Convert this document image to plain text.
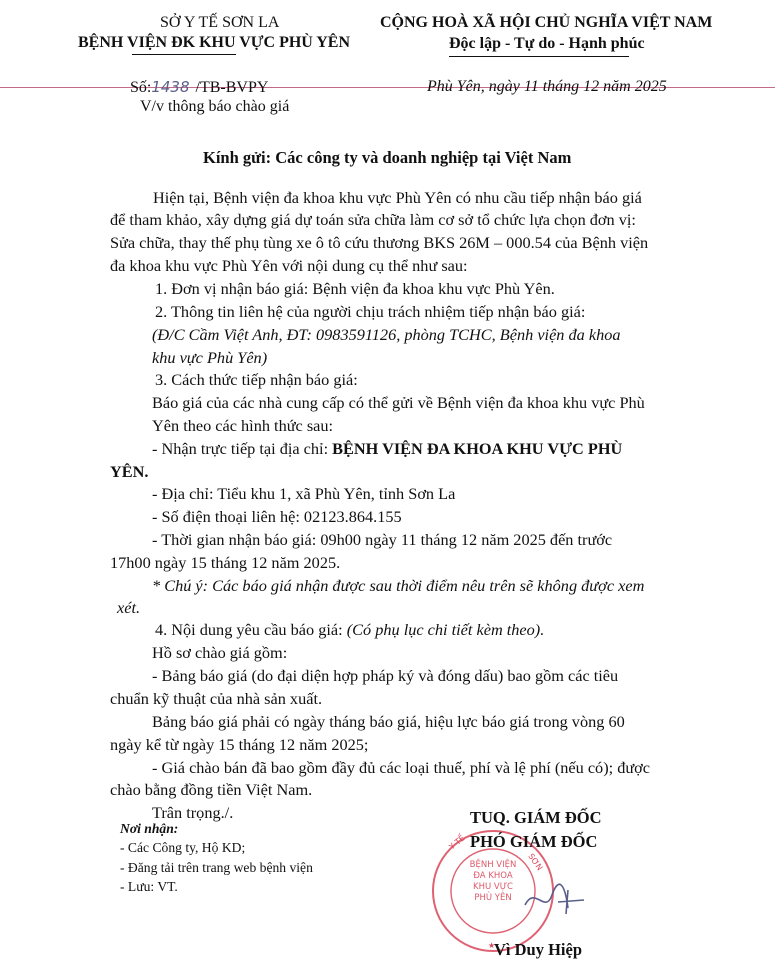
SỞ Y TẾ SƠN LA
BỆNH VIỆN ĐK KHU VỰC PHÙ YÊN
CỘNG HOÀ XÃ HỘI CHỦ NGHĨA VIỆT NAM
Độc lập - Tự do - Hạnh phúc
Số:1438 /TB-BVPY
V/v thông báo chào giá
Phù Yên, ngày 11 tháng 12 năm 2025
Kính gửi: Các công ty và doanh nghiệp tại Việt Nam
Hiện tại, Bệnh viện đa khoa khu vực Phù Yên có nhu cầu tiếp nhận báo giá
để tham khảo, xây dựng giá dự toán sửa chữa làm cơ sở tổ chức lựa chọn đơn vị:
Sửa chữa, thay thế phụ tùng xe ô tô cứu thương BKS 26M – 000.54 của Bệnh viện
đa khoa khu vực Phù Yên với nội dung cụ thể như sau:
1. Đơn vị nhận báo giá: Bệnh viện đa khoa khu vực Phù Yên.
2. Thông tin liên hệ của người chịu trách nhiệm tiếp nhận báo giá:
(Đ/C Cầm Việt Anh, ĐT: 0983591126, phòng TCHC, Bệnh viện đa khoa
khu vực Phù Yên)
3. Cách thức tiếp nhận báo giá:
Báo giá của các nhà cung cấp có thể gửi về Bệnh viện đa khoa khu vực Phù
Yên theo các hình thức sau:
- Nhận trực tiếp tại địa chỉ: BỆNH VIỆN ĐA KHOA KHU VỰC PHÙ
YÊN.
- Địa chỉ: Tiểu khu 1, xã Phù Yên, tỉnh Sơn La
- Số điện thoại liên hệ: 02123.864.155
- Thời gian nhận báo giá: 09h00 ngày 11 tháng 12 năm 2025 đến trước
17h00 ngày 15 tháng 12 năm 2025.
* Chú ý: Các báo giá nhận được sau thời điểm nêu trên sẽ không được xem
xét.
4. Nội dung yêu cầu báo giá: (Có phụ lục chi tiết kèm theo).
Hồ sơ chào giá gồm:
- Bảng báo giá (do đại diện hợp pháp ký và đóng dấu) bao gồm các tiêu
chuẩn kỹ thuật của nhà sản xuất.
Bảng báo giá phải có ngày tháng báo giá, hiệu lực báo giá trong vòng 60
ngày kể từ ngày 15 tháng 12 năm 2025;
- Giá chào bán đã bao gồm đầy đủ các loại thuế, phí và lệ phí (nếu có); được
chào bằng đồng tiền Việt Nam.
Trân trọng./.
Nơi nhận:
- Các Công ty, Hộ KD;
- Đăng tải trên trang web bệnh viện
- Lưu: VT.
Y TẾ
SƠN
★
BỆNH VIỆN
ĐA KHOA
KHU VỰC
PHÙ YÊN
TUQ. GIÁM ĐỐC
PHÓ GIÁM ĐỐC
Vì Duy Hiệp
